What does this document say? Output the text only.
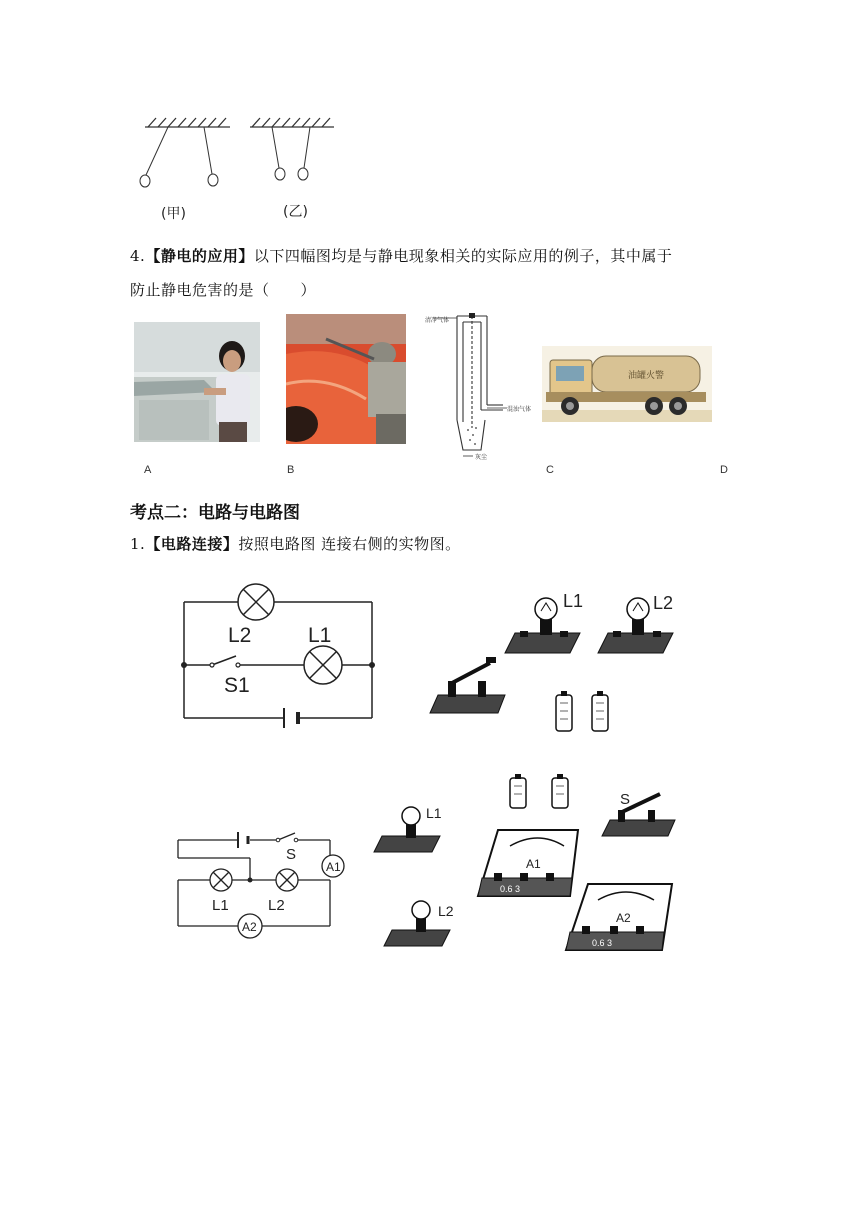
(甲)	(乙)
4.【静电的应用】以下四幅图均是与静电现象相关的实际应用的例子，其中属于
防止静电危害的是（　　）
清净气体
混浊气体
灰尘
油罐火警
A	B	C	D
考点二：电路与电路图
1.【电路连接】按照电路图 连接右侧的实物图。
L2	L1
S1
L1	L2
A1
A2
S
L1	L2
S
L1
L2
A1
0.6 3
A2
0.6 3
